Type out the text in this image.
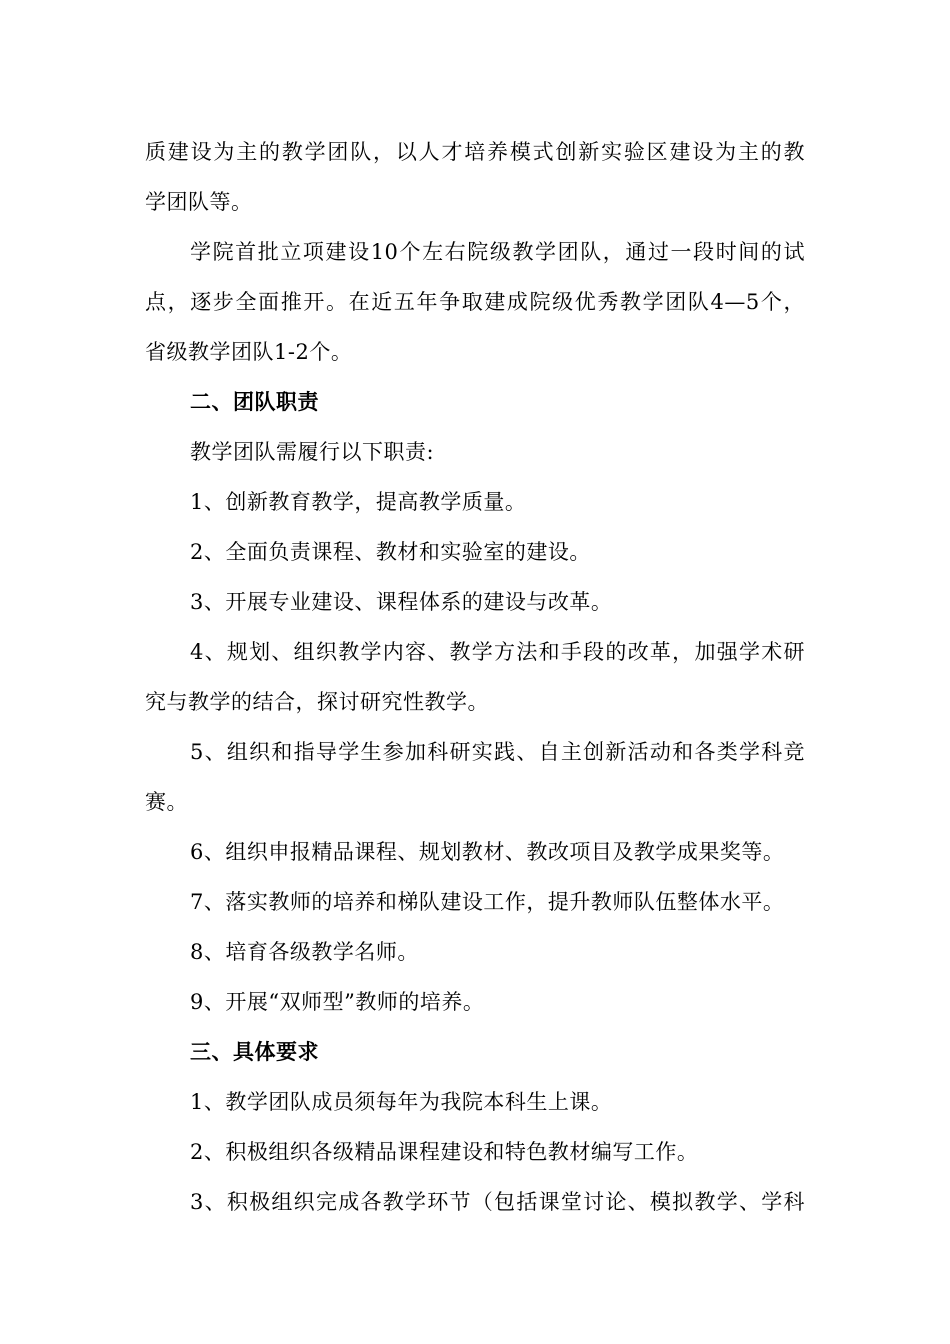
质建设为主的教学团队，以人才培养模式创新实验区建设为主的教
学团队等。
学院首批立项建设10个左右院级教学团队，通过一段时间的试
点，逐步全面推开。在近五年争取建成院级优秀教学团队4—5个，
省级教学团队1-2个。
二、团队职责
教学团队需履行以下职责:
1、创新教育教学，提高教学质量。
2、全面负责课程、教材和实验室的建设。
3、开展专业建设、课程体系的建设与改革。
4、规划、组织教学内容、教学方法和手段的改革，加强学术研
究与教学的结合，探讨研究性教学。
5、组织和指导学生参加科研实践、自主创新活动和各类学科竞
赛。
6、组织申报精品课程、规划教材、教改项目及教学成果奖等。
7、落实教师的培养和梯队建设工作，提升教师队伍整体水平。
8、培育各级教学名师。
9、开展“双师型”教师的培养。
三、具体要求
1、教学团队成员须每年为我院本科生上课。
2、积极组织各级精品课程建设和特色教材编写工作。
3、积极组织完成各教学环节（包括课堂讨论、模拟教学、学科
